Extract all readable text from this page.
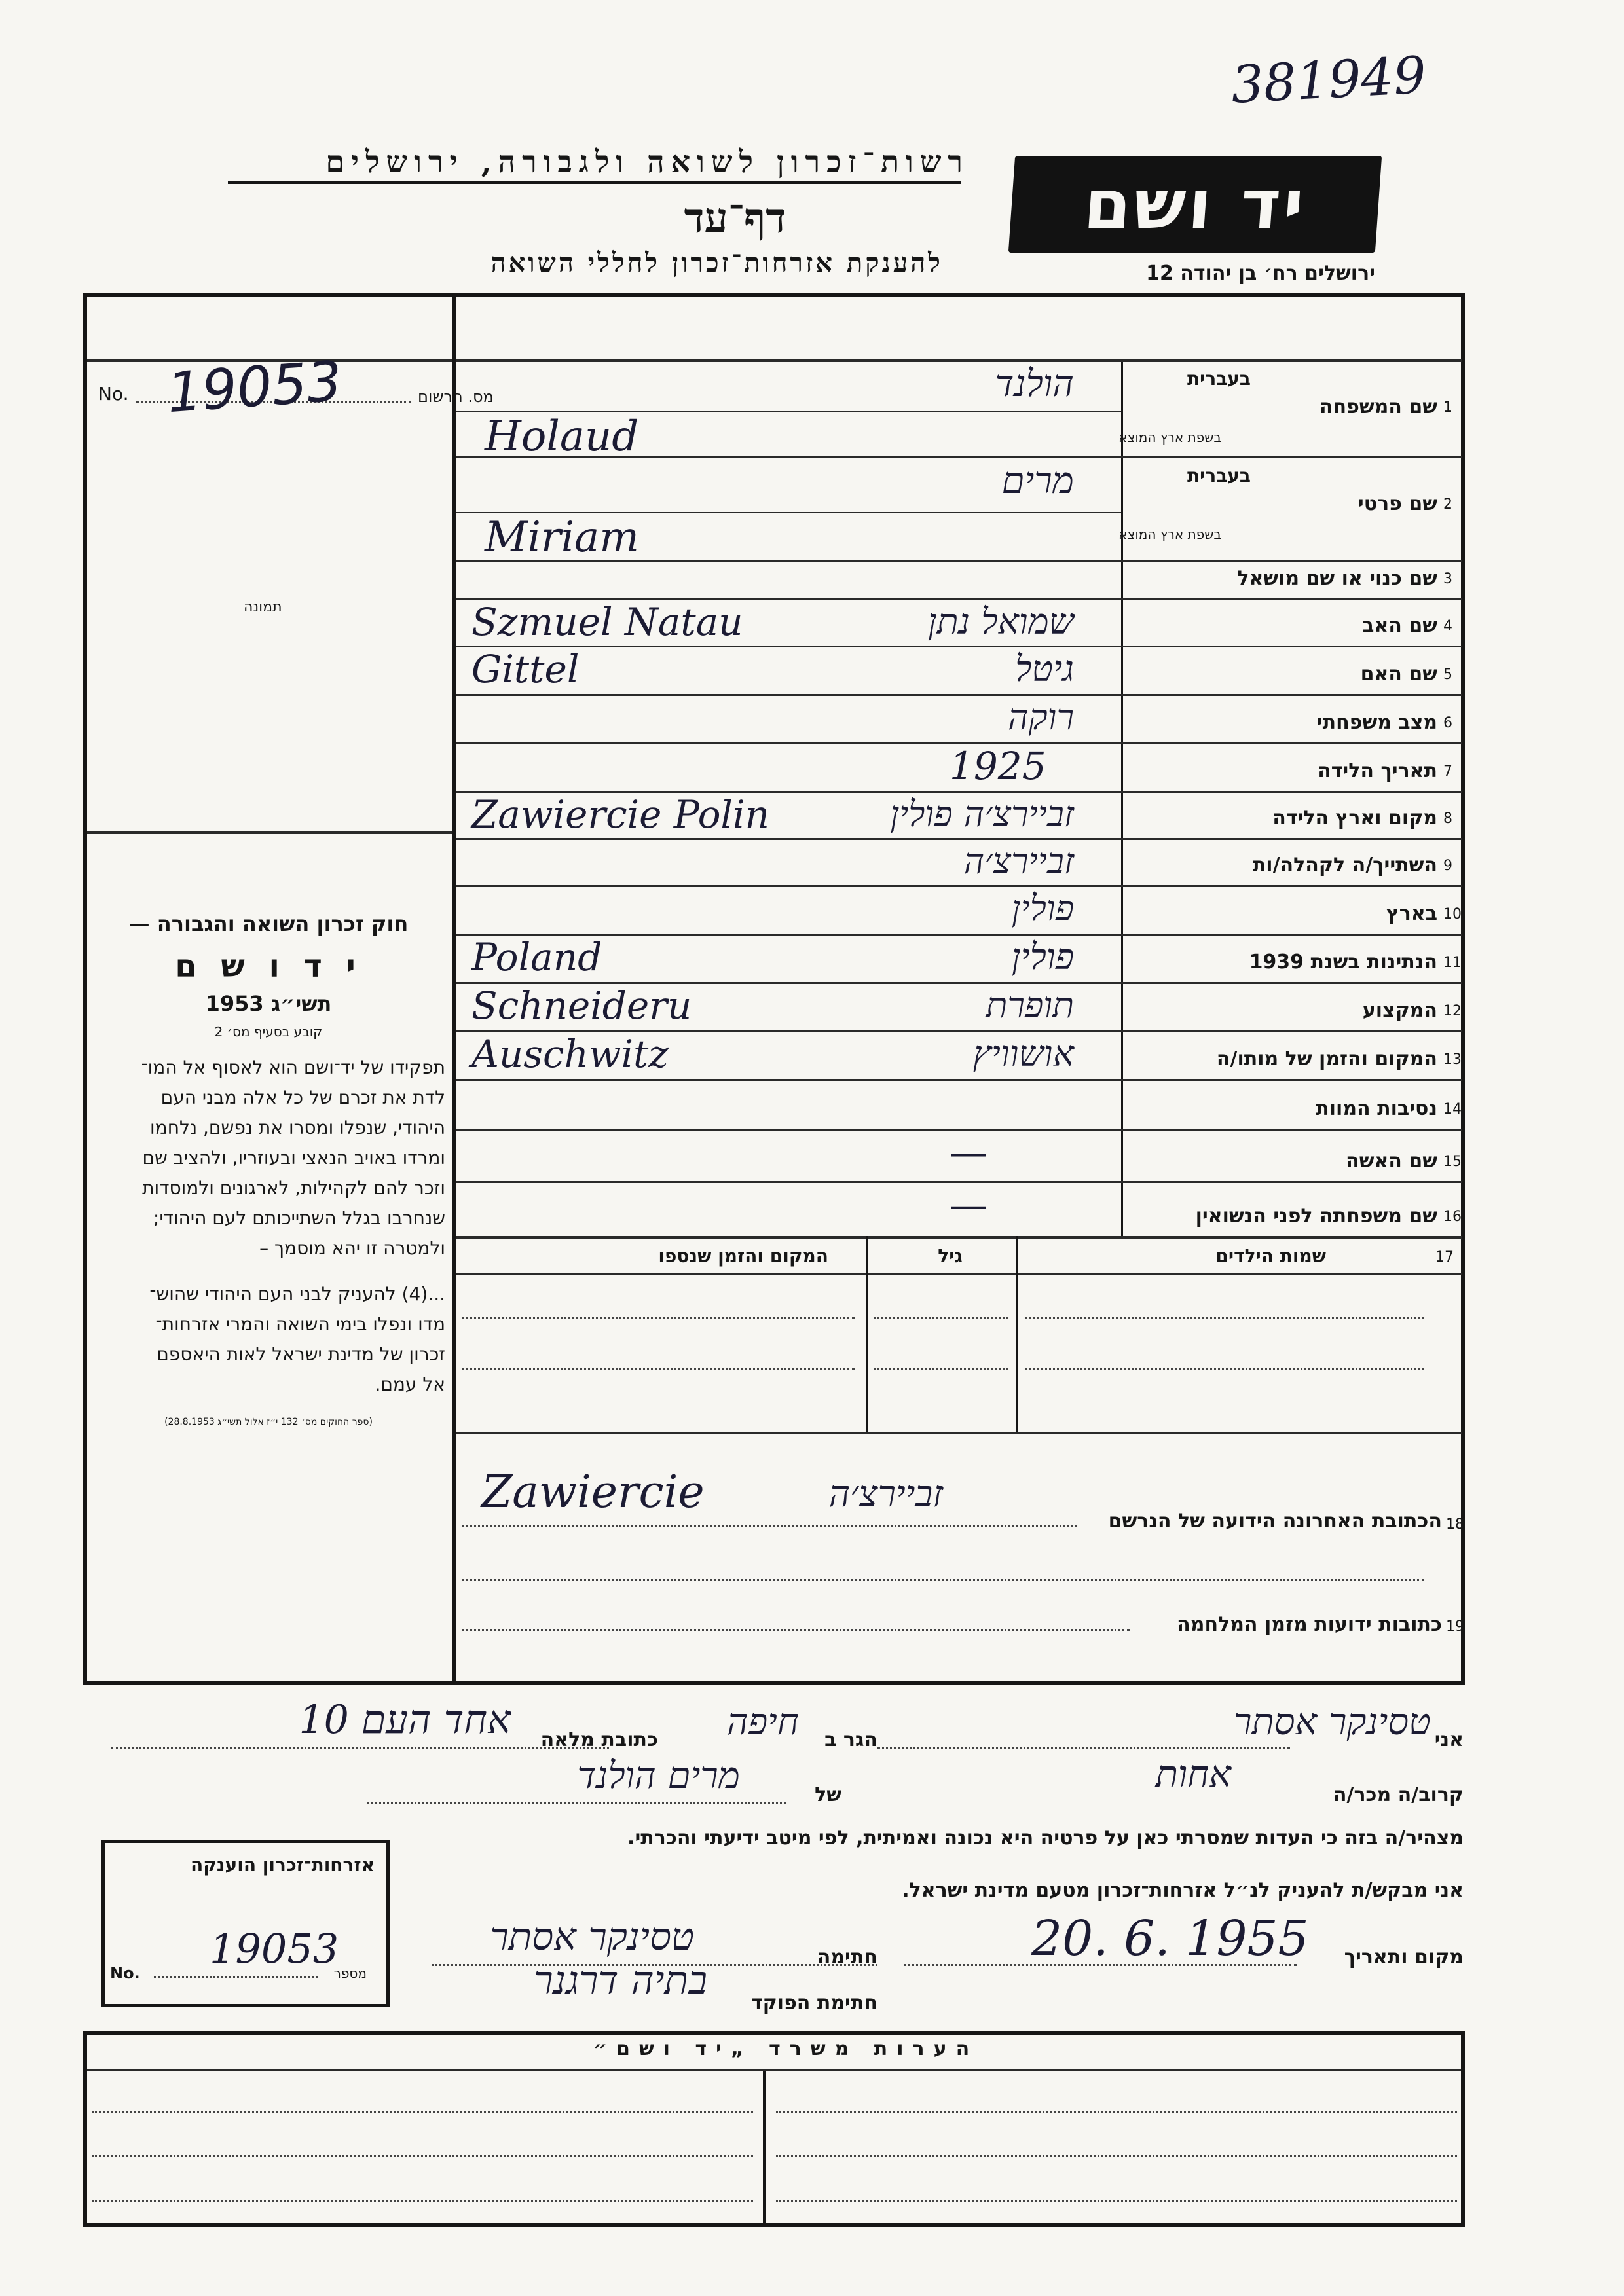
381949
רשות־זכרון לשואה ולגבורה, ירושלים
דף־עד
להענקת אזרחות־זכרון לחללי השואה
יד ושם
ירושלים רח׳ בן יהודה 12
No.	מס. הרשום
19053
תמונה
חוק זכרון השואה והגבורה —
י ד ו ש ם
תשי״ג 1953
קובע בסעיף מס׳ 2
תפקידו של יד־ושם הוא לאסוף אל המו־
לדת את זכרם של כל אלה מבני העם
היהודי, שנפלו ומסרו את נפשם, נלחמו
ומרדו באויב הנאצי ובעוזריו, ולהציב שם
וזכר להם לקהילות, לארגונים ולמוסדות
שנחרבו בגלל השתייכותם לעם היהודי;
ולמטרה זו יהא מוסמך –
...(4) להעניק לבני העם היהודי שהוש־
מדו ונפלו בימי השואה והמרי אזרחות־
זכרון של מדינת ישראל לאות היאספם
אל עמם.
(ספר החוקים מס׳ 132 י״ז אלול תשי״ג 28.8.1953)
1
שם המשפחה
בעברית
בשפת ארץ המוצא
הולנד
Holaud
2
שם פרטי
בעברית
בשפת ארץ המוצא
מרים
Miriam
3
שם כנוי או שם מושאל
4
שם האב
Szmuel Natau	שמואל נתן
5
שם האם
Gittel	גיטל
6
מצב משפחתי
רוקה
7
תאריך הלידה
1925
8
מקום וארץ הלידה
Zawiercie Polin	זביירצ׳ה פולין
9
השתייך/ה לקהלה/ות
זביירצ׳ה
10
בארץ
פולין
11
הנתינות בשנת 1939
Poland	פולין
12
המקצוע
Schneideru	תופרת
13
המקום והזמן של מותו/ה
Auschwitz	אושוויץ
14
נסיבות המוות
15
שם האשה
—
16
שם משפחתה לפני הנשואין
—
17
שמות הילדים
גיל
המקום והזמן שנספו
Zawiercie	זביירצ׳ה
הכתובת האחרונה הידועה של הנרשם 18
כתובות ידועות מזמן המלחמה 19
אני
טסינקר אסתר
הגר ב
חיפה
כתובת מלאה
אחד העם 10
קרוב/ה מכר/ה
אחות
של
מרים הולנד
מצהיר/ה בזה כי העדות שמסרתי כאן על פרטיה היא נכונה ואמיתית, לפי מיטב ידיעתי והכרתי.
אני מבקש/ת להעניק לנ״ל אזרחות־זכרון מטעם מדינת ישראל.
מקום ותאריך
20. 6. 1955
חתימה
טסינקר אסתר
חתימת הפוקד
בתיה דרגנר
אזרחות־זכרון הוענקה
19053
No.	מספר
הערות משרד „יד ושם״
